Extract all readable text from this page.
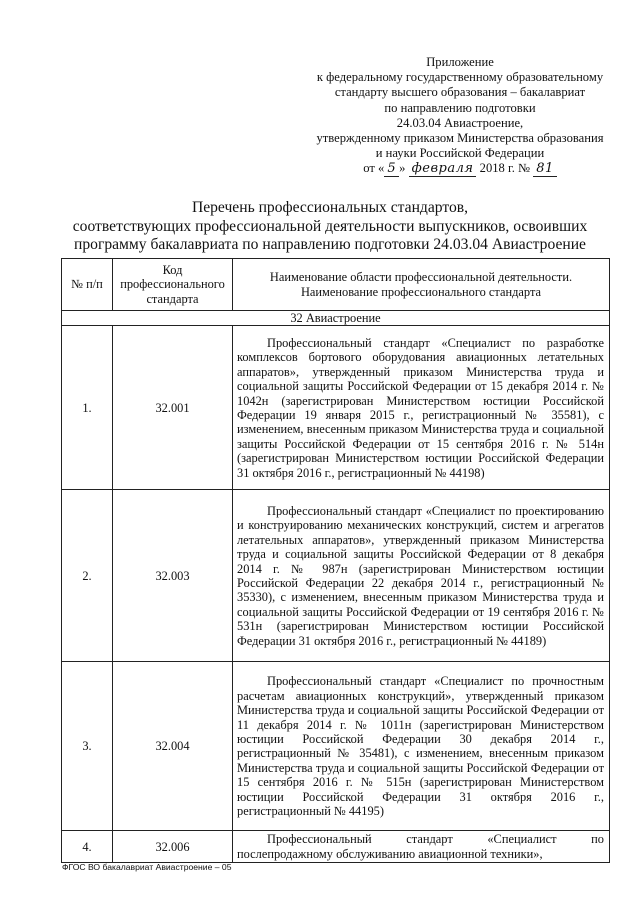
Приложение
к федеральному государственному образовательному
стандарту высшего образования – бакалавриат
по направлению подготовки
24.03.04 Авиастроение,
утвержденному приказом Министерства образования
и науки Российской Федерации
от « 5 » февраля 2018 г. № 81
Перечень профессиональных стандартов,
соответствующих профессиональной деятельности выпускников, освоивших
программу бакалавриата по направлению подготовки 24.03.04 Авиастроение
№ п/п	Код профессионального стандарта	Наименование области профессиональной деятельности. Наименование профессионального стандарта
32 Авиастроение		
1.	32.001	Профессиональный стандарт «Специалист по разработке комплексов бортового оборудования авиационных летательных аппаратов», утвержденный приказом Министерства труда и социальной защиты Российской Федерации от 15 декабря 2014 г. № 1042н (зарегистрирован Министерством юстиции Российской Федерации 19 января 2015 г., регистрационный № 35581), с изменением, внесенным приказом Министерства труда и социальной защиты Российской Федерации от 15 сентября 2016 г. № 514н (зарегистрирован Министерством юстиции Российской Федерации 31 октября 2016 г., регистрационный № 44198)
2.	32.003	Профессиональный стандарт «Специалист по проектированию и конструированию механических конструкций, систем и агрегатов летательных аппаратов», утвержденный приказом Министерства труда и социальной защиты Российской Федерации от 8 декабря 2014 г. № 987н (зарегистрирован Министерством юстиции Российской Федерации 22 декабря 2014 г., регистрационный № 35330), с изменением, внесенным приказом Министерства труда и социальной защиты Российской Федерации от 19 сентября 2016 г. № 531н (зарегистрирован Министерством юстиции Российской Федерации 31 октября 2016 г., регистрационный № 44189)
3.	32.004	Профессиональный стандарт «Специалист по прочностным расчетам авиационных конструкций», утвержденный приказом Министерства труда и социальной защиты Российской Федерации от 11 декабря 2014 г. № 1011н (зарегистрирован Министерством юстиции Российской Федерации 30 декабря 2014 г., регистрационный № 35481), с изменением, внесенным приказом Министерства труда и социальной защиты Российской Федерации от 15 сентября 2016 г. № 515н (зарегистрирован Министерством юстиции Российской Федерации 31 октября 2016 г., регистрационный № 44195)
4.	32.006	Профессиональный стандарт «Специалист по послепродажному обслуживанию авиационной техники»,
ФГОС ВО бакалавриат Авиастроение – 05
